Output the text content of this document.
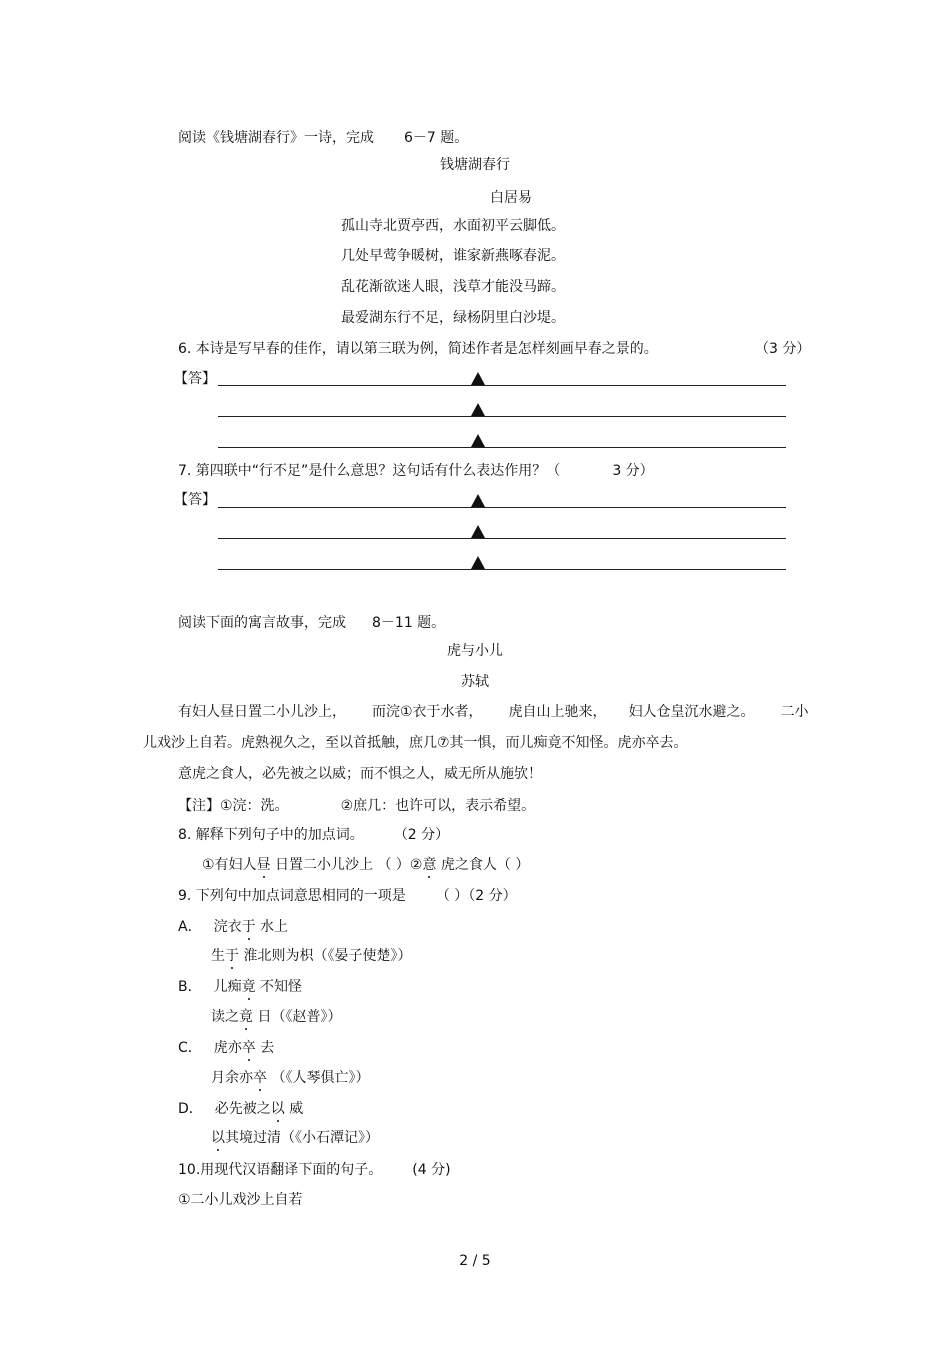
阅读《钱塘湖春行》一诗，完成 6－7 题。
钱塘湖春行
白居易
孤山寺北贾亭西，水面初平云脚低。
几处早莺争暖树，谁家新燕啄春泥。
乱花渐欲迷人眼，浅草才能没马蹄。
最爱湖东行不足，绿杨阴里白沙堤。
6. 本诗是写早春的佳作，请以第三联为例，简述作者是怎样刻画早春之景的。	（3 分）
【答】
7. 第四联中“行不足”是什么意思？这句话有什么表达作用？（	3 分）
【答】
阅读下面的寓言故事，完成 8－11 题。
虎与小儿
苏轼
有妇人昼日置二小儿沙上， 而浣①衣于水者， 虎自山上驰来， 妇人仓皇沉水避之。 二小
儿戏沙上自若。虎熟视久之，至以首抵触，庶几⑦其一惧，而儿痴竟不知怪。虎亦卒去。
意虎之食人，必先被之以威；而不惧之人，威无所从施欤！
【注】①浣：洗。	②庶几：也许可以，表示希望。
8. 解释下列句子中的加点词。 （2 分）
①有妇人昼 日置二小儿沙上 （ ）②意 虎之食人（ ）
9. 下列句中加点词意思相同的一项是 （ ）（2 分）
A． 浣衣于 水上
生于 淮北则为枳（《晏子使楚》）
B． 儿痴竟 不知怪
读之竟 日（《赵普》）
C． 虎亦卒 去
月余亦卒 （《人琴俱亡》）
D． 必先被之以 威
以其境过清（《小石潭记》）
10.用现代汉语翻译下面的句子。 (4 分)
①二小儿戏沙上自若
2 / 5
